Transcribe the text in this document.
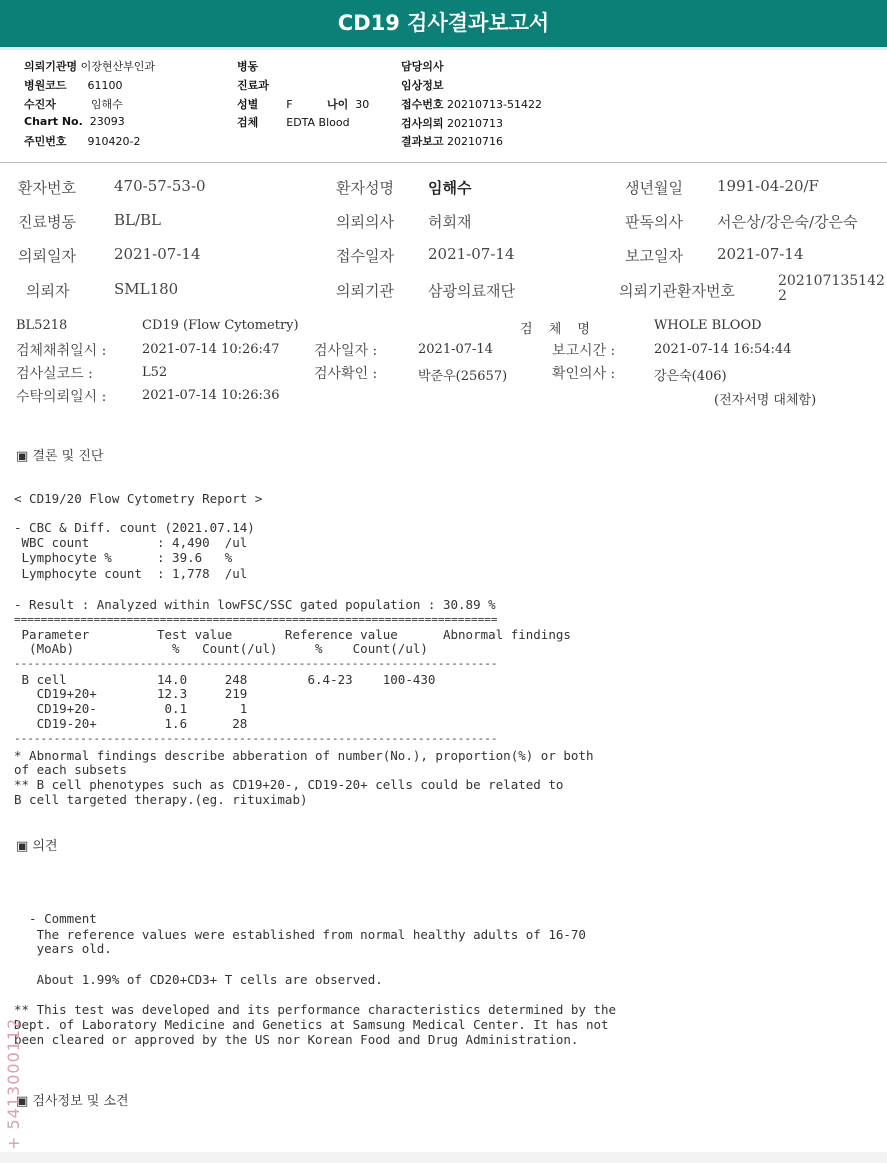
CD19 검사결과보고서
의뢰기관명 이장현산부인과
병원코드 61100
수진자	임해수
Chart No. 23093
주민번호 910420-2
병동
진료과
성별	F	나이 30
검체	EDTA Blood
담당의사
임상정보
접수번호 20210713-51422
검사의뢰 20210713
결과보고 20210716
환자번호	470-57-53-0	환자성명 임해수	생년월일 1991-04-20/F
진료병동	BL/BL	의뢰의사 허회재	판독의사 서은상/강은숙/강은숙
의뢰일자	2021-07-14	접수일자 2021-07-14	보고일자 2021-07-14
의뢰자	SML180	의뢰기관 삼광의료재단	의뢰기관환자번호
202107135142
2
BL5218	CD19 (Flow Cytometry)	검 체 명	WHOLE BLOOD
검체채취일시 :	2021-07-14 10:26:47 검사일자 :	2021-07-14	보고시간 :	2021-07-14 16:54:44
검사실코드 :	L52	검사확인 :	박준우(25657)	확인의사 :	강은숙(406)
수탁의뢰일시 :	2021-07-14 10:26:36	(전자서명 대체함)
▣ 결론 및 진단
< CD19/20 Flow Cytometry Report >
- CBC & Diff. count (2021.07.14)
WBC count         : 4,490  /ul
Lymphocyte %      : 39.6   %
Lymphocyte count  : 1,778  /ul
- Result : Analyzed within lowFSC/SSC gated population : 30.89 %
=========================================================================
Parameter         Test value       Reference value      Abnormal findings
(MoAb)             %   Count(/ul)     %    Count(/ul)
-------------------------------------------------------------------------
B cell            14.0     248        6.4-23    100-430
CD19+20+        12.3     219
CD19+20-         0.1       1
CD19-20+         1.6      28
-------------------------------------------------------------------------
* Abnormal findings describe abberation of number(No.), proportion(%) or both
of each subsets
** B cell phenotypes such as CD19+20-, CD19-20+ cells could be related to
B cell targeted therapy.(eg. rituximab)
▣ 의견
- Comment
The reference values were established from normal healthy adults of 16-70
years old.
About 1.99% of CD20+CD3+ T cells are observed.
** This test was developed and its performance characteristics determined by the
Dept. of Laboratory Medicine and Genetics at Samsung Medical Center. It has not
been cleared or approved by the US nor Korean Food and Drug Administration.
▣ 검사정보 및 소견
+ 5413000112
